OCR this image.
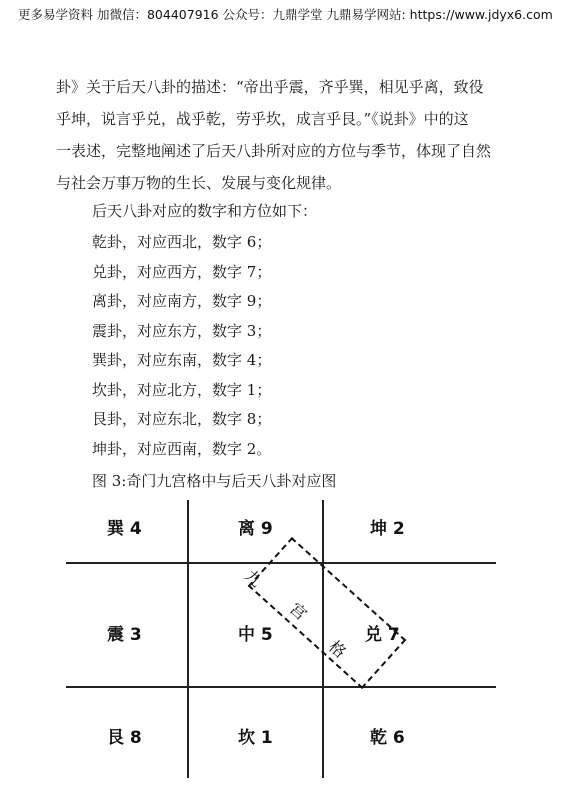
更多易学资料 加微信：804407916 公众号：九鼎学堂 九鼎易学网站: https://www.jdyx6.com
卦》关于后天八卦的描述：“帝出乎震，齐乎巽，相见乎离，致役
乎坤，说言乎兑，战乎乾，劳乎坎，成言乎艮。”《说卦》中的这
一表述，完整地阐述了后天八卦所对应的方位与季节，体现了自然
与社会万事万物的生长、发展与变化规律。
后天八卦对应的数字和方位如下：
乾卦，对应西北，数字 6；
兑卦，对应西方，数字 7；
离卦，对应南方，数字 9；
震卦，对应东方，数字 3；
巽卦，对应东南，数字 4；
坎卦，对应北方，数字 1；
艮卦，对应东北，数字 8；
坤卦，对应西南，数字 2。
图 3:奇门九宫格中与后天八卦对应图
巽 4	离 9	坤 2
震 3	中 5	兑 7
艮 8	坎 1	乾 6
九
宫
格
